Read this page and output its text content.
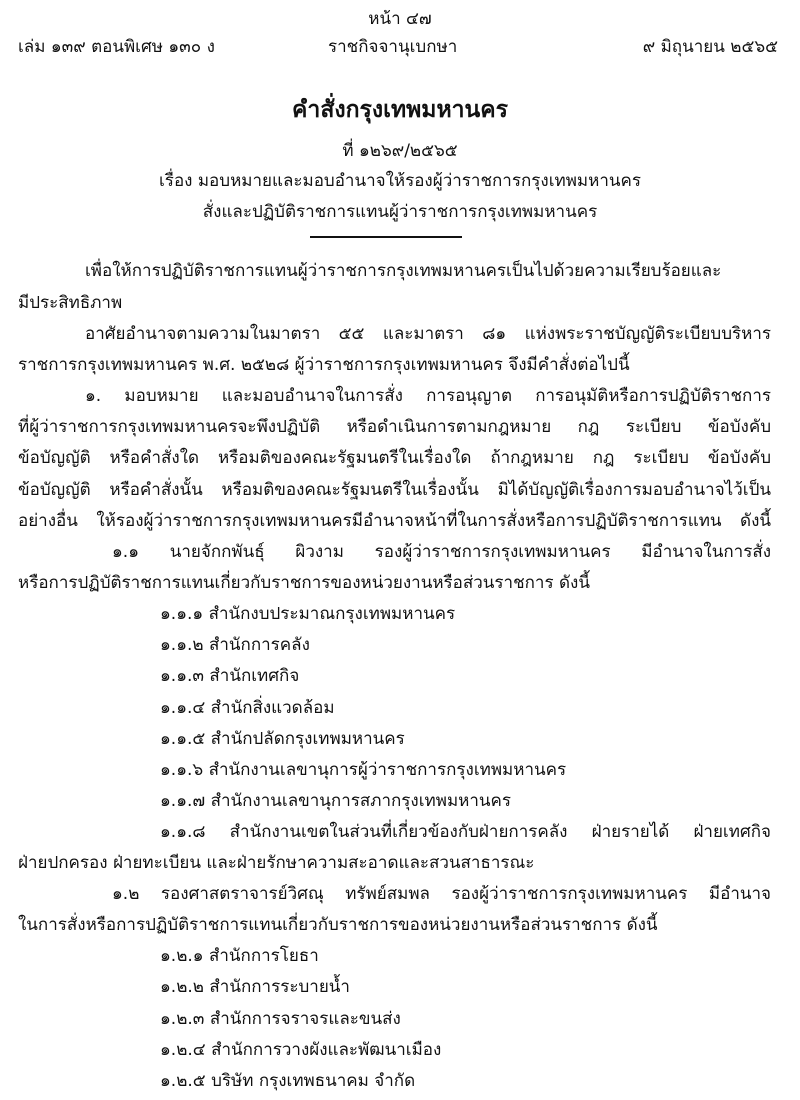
หน้า ๔๗
เล่ม ๑๓๙ ตอนพิเศษ ๑๓๐ ง	ราชกิจจานุเบกษา	๙ มิถุนายน ๒๕๖๕
คำสั่งกรุงเทพมหานคร
ที่ ๑๒๖๙/๒๕๖๕
เรื่อง มอบหมายและมอบอำนาจให้รองผู้ว่าราชการกรุงเทพมหานคร
สั่งและปฏิบัติราชการแทนผู้ว่าราชการกรุงเทพมหานคร
เพื่อให้การปฏิบัติราชการแทนผู้ว่าราชการกรุงเทพมหานครเป็นไปด้วยความเรียบร้อยและ
มีประสิทธิภาพ
อาศัยอำนาจตามความในมาตรา ๕๕ และมาตรา ๘๑ แห่งพระราชบัญญัติระเบียบบริหาร
ราชการกรุงเทพมหานคร พ.ศ. ๒๕๒๘ ผู้ว่าราชการกรุงเทพมหานคร จึงมีคำสั่งต่อไปนี้
๑. มอบหมาย และมอบอำนาจในการสั่ง การอนุญาต การอนุมัติหรือการปฏิบัติราชการ
ที่ผู้ว่าราชการกรุงเทพมหานครจะพึงปฏิบัติ หรือดำเนินการตามกฎหมาย กฎ ระเบียบ ข้อบังคับ
ข้อบัญญัติ หรือคำสั่งใด หรือมติของคณะรัฐมนตรีในเรื่องใด ถ้ากฎหมาย กฎ ระเบียบ ข้อบังคับ
ข้อบัญญัติ หรือคำสั่งนั้น หรือมติของคณะรัฐมนตรีในเรื่องนั้น มิได้บัญญัติเรื่องการมอบอำนาจไว้เป็น
อย่างอื่น ให้รองผู้ว่าราชการกรุงเทพมหานครมีอำนาจหน้าที่ในการสั่งหรือการปฏิบัติราชการแทน ดังนี้
๑.๑ นายจักกพันธุ์ ผิวงาม รองผู้ว่าราชการกรุงเทพมหานคร มีอำนาจในการสั่ง
หรือการปฏิบัติราชการแทนเกี่ยวกับราชการของหน่วยงานหรือส่วนราชการ ดังนี้
๑.๑.๑ สำนักงบประมาณกรุงเทพมหานคร
๑.๑.๒ สำนักการคลัง
๑.๑.๓ สำนักเทศกิจ
๑.๑.๔ สำนักสิ่งแวดล้อม
๑.๑.๕ สำนักปลัดกรุงเทพมหานคร
๑.๑.๖ สำนักงานเลขานุการผู้ว่าราชการกรุงเทพมหานคร
๑.๑.๗ สำนักงานเลขานุการสภากรุงเทพมหานคร
๑.๑.๘ สำนักงานเขตในส่วนที่เกี่ยวข้องกับฝ่ายการคลัง ฝ่ายรายได้ ฝ่ายเทศกิจ
ฝ่ายปกครอง ฝ่ายทะเบียน และฝ่ายรักษาความสะอาดและสวนสาธารณะ
๑.๒ รองศาสตราจารย์วิศณุ ทรัพย์สมพล รองผู้ว่าราชการกรุงเทพมหานคร มีอำนาจ
ในการสั่งหรือการปฏิบัติราชการแทนเกี่ยวกับราชการของหน่วยงานหรือส่วนราชการ ดังนี้
๑.๒.๑ สำนักการโยธา
๑.๒.๒ สำนักการระบายน้ำ
๑.๒.๓ สำนักการจราจรและขนส่ง
๑.๒.๔ สำนักการวางผังและพัฒนาเมือง
๑.๒.๕ บริษัท กรุงเทพธนาคม จำกัด
